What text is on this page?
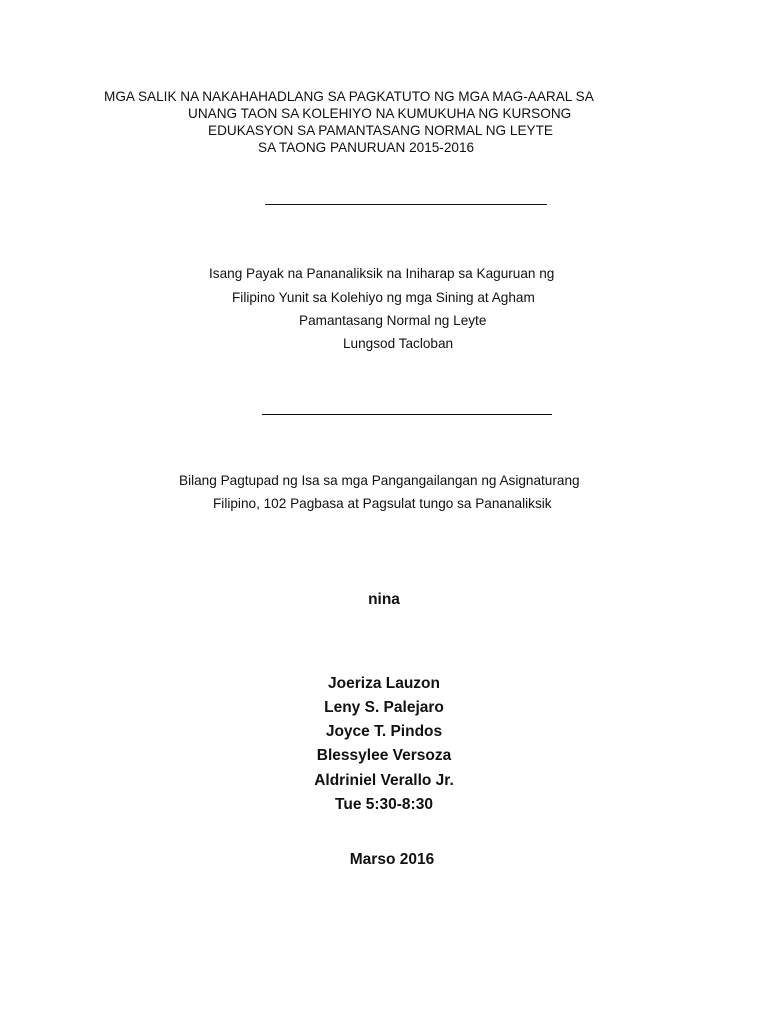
MGA SALIK NA NAKAHAHADLANG SA PAGKATUTO NG MGA MAG-AARAL SA
UNANG TAON SA KOLEHIYO NA KUMUKUHA NG KURSONG
EDUKASYON SA PAMANTASANG NORMAL NG LEYTE
SA TAONG PANURUAN 2015-2016
Isang Payak na Pananaliksik na Iniharap sa Kaguruan ng
Filipino Yunit sa Kolehiyo ng mga Sining at Agham
Pamantasang Normal ng Leyte
Lungsod Tacloban
Bilang Pagtupad ng Isa sa mga Pangangailangan ng Asignaturang
Filipino, 102 Pagbasa at Pagsulat tungo sa Pananaliksik
nina
Joeriza Lauzon
Leny S. Palejaro
Joyce T. Pindos
Blessylee Versoza
Aldriniel Verallo Jr.
Tue 5:30-8:30
Marso 2016
